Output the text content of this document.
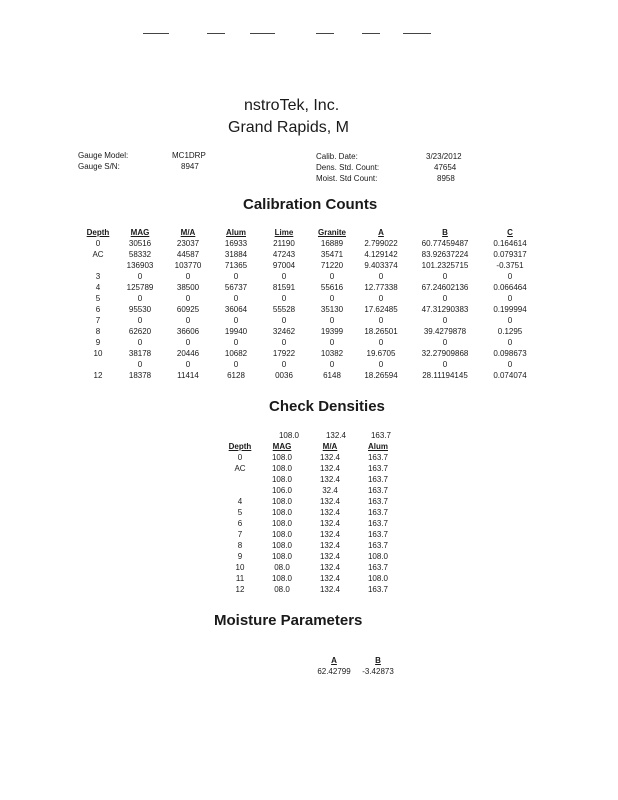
nstroTek, Inc.
Grand Rapids, M
Gauge Model:	MC1DRP
Gauge S/N:	8947
Calib. Date:	3/23/2012
Dens. Std. Count:	47654
Moist. Std Count:	8958
Calibration Counts
Depth	MAG	M/A	Alum	Lime	Granite	A	B	C
0	30516	23037	16933	21190	16889	2.799022	60.77459487	0.164614
AC	58332	44587	31884	47243	35471	4.129142	83.92637224	0.079317
	136903	103770	71365	97004	71220	9.403374	101.2325715	-0.3751
3	0	0	0	0	0	0	0	0
4	125789	38500	56737	81591	55616	12.77338	67.24602136	0.066464
5	0	0	0	0	0	0	0	0
6	95530	60925	36064	55528	35130	17.62485	47.31290383	0.199994
7	0	0	0	0	0	0	0	0
8	62620	36606	19940	32462	19399	18.26501	39.4279878	0.1295
9	0	0	0	0	0	0	0	0
10	38178	20446	10682	17922	10382	19.6705	32.27909868	0.098673
	0	0	0	0	0	0	0	0
12	18378	11414	6128	0036	6148	18.26594	28.11194145	0.074074
Check Densities
108.0	132.4	163.7
Depth	MAG	M/A	Alum
0	108.0	132.4	163.7
AC	108.0	132.4	163.7
	108.0	132.4	163.7
	106.0	32.4	163.7
4	108.0	132.4	163.7
5	108.0	132.4	163.7
6	108.0	132.4	163.7
7	108.0	132.4	163.7
8	108.0	132.4	163.7
9	108.0	132.4	108.0
10	08.0	132.4	163.7
11	108.0	132.4	108.0
12	08.0	132.4	163.7
Moisture Parameters
A	B
62.42799	-3.42873
